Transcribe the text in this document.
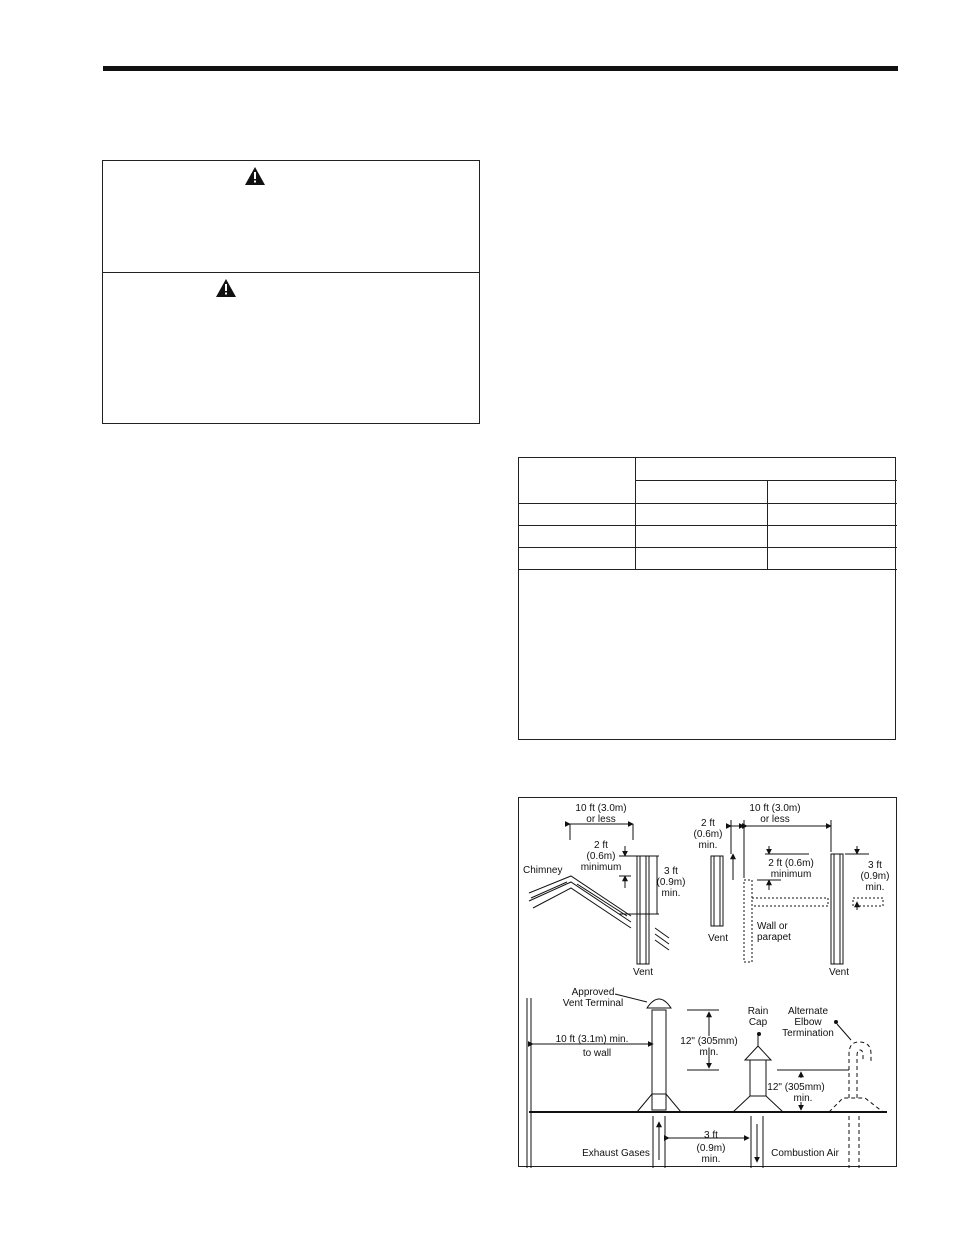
10 ft (3.0m)
or less
2 ft
(0.6m)
minimum	3 ft
(0.9m)
min.
Chimney
Vent
10 ft (3.0m)
or less
2 ft
(0.6m)
min.
2 ft (0.6m)
minimum
3 ft
(0.9m)
min.
Vent
Wall or
parapet
Vent
Approved
Vent Terminal
Rain
Cap
Alternate
Elbow
Termination
10 ft (3.1m) min.
to wall
12" (305mm)
min.
12" (305mm)
min.
3 ft
(0.9m)
min.
Exhaust Gases	Combustion Air
